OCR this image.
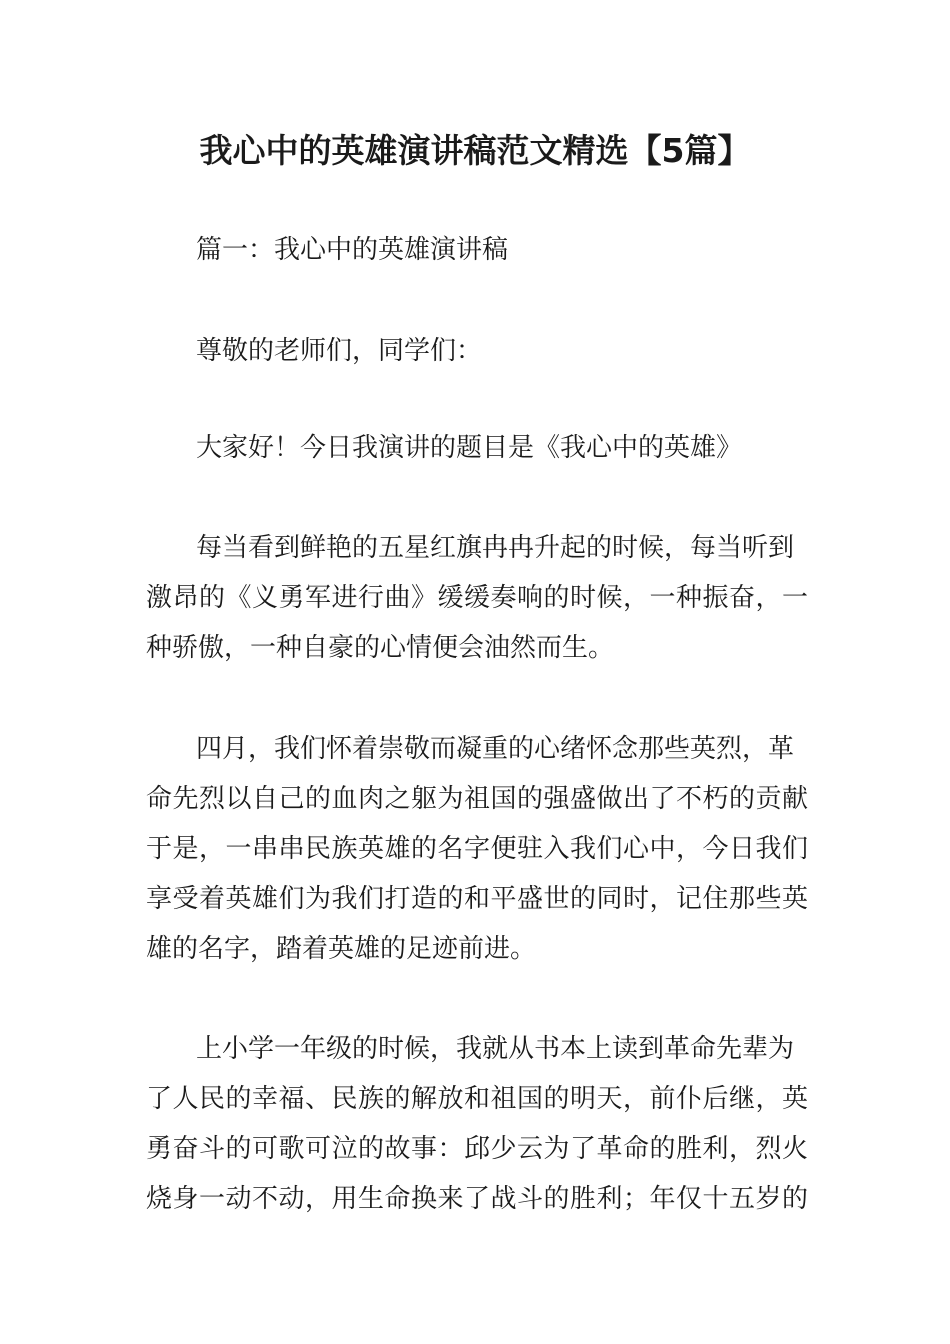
我心中的英雄演讲稿范文精选【5篇】

篇一：我心中的英雄演讲稿

尊敬的老师们，同学们：

大家好！今日我演讲的题目是《我心中的英雄》

每当看到鲜艳的五星红旗冉冉升起的时候，每当听到

激昂的《义勇军进行曲》缓缓奏响的时候，一种振奋，一

种骄傲，一种自豪的心情便会油然而生。

四月，我们怀着崇敬而凝重的心绪怀念那些英烈，革

命先烈以自己的血肉之躯为祖国的强盛做出了不朽的贡献

于是，一串串民族英雄的名字便驻入我们心中，今日我们

享受着英雄们为我们打造的和平盛世的同时，记住那些英

雄的名字，踏着英雄的足迹前进。

上小学一年级的时候，我就从书本上读到革命先辈为

了人民的幸福、民族的解放和祖国的明天，前仆后继，英

勇奋斗的可歌可泣的故事：邱少云为了革命的胜利，烈火

烧身一动不动，用生命换来了战斗的胜利；年仅十五岁的
